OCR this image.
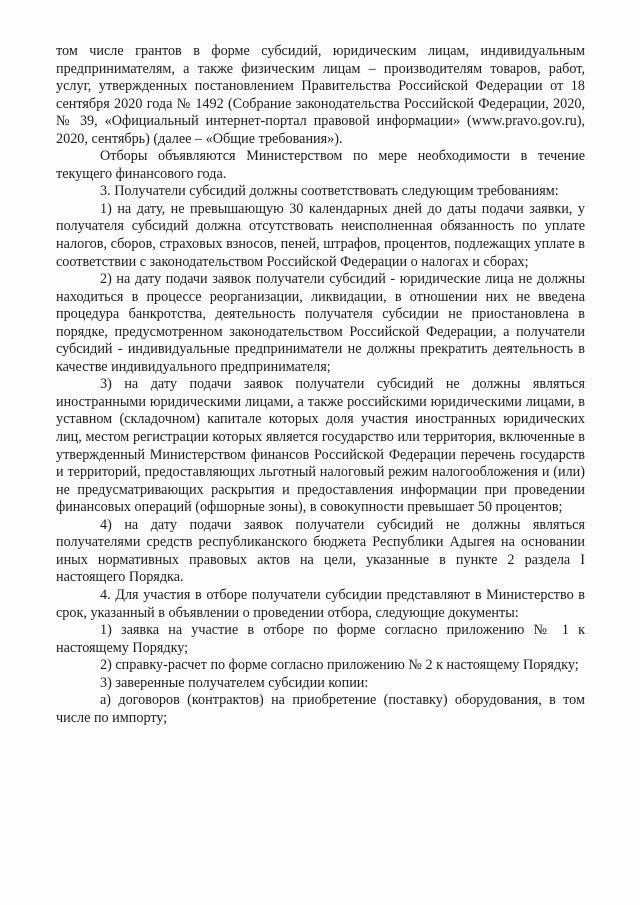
том числе грантов в форме субсидий, юридическим лицам, индивидуальным предпринимателям, а также физическим лицам – производителям товаров, работ, услуг, утвержденных постановлением Правительства Российской Федерации от 18 сентября 2020 года № 1492 (Собрание законодательства Российской Федерации, 2020, № 39, «Официальный интернет-портал правовой информации» (www.pravo.gov.ru), 2020, сентябрь) (далее – «Общие требования»).

Отборы объявляются Министерством по мере необходимости в течение текущего финансового года.

3. Получатели субсидий должны соответствовать следующим требованиям:

1) на дату, не превышающую 30 календарных дней до даты подачи заявки, у получателя субсидий должна отсутствовать неисполненная обязанность по уплате налогов, сборов, страховых взносов, пеней, штрафов, процентов, подлежащих уплате в соответствии с законодательством Российской Федерации о налогах и сборах;

2) на дату подачи заявок получатели субсидий - юридические лица не должны находиться в процессе реорганизации, ликвидации, в отношении них не введена процедура банкротства, деятельность получателя субсидии не приостановлена в порядке, предусмотренном законодательством Российской Федерации, а получатели субсидий - индивидуальные предприниматели не должны прекратить деятельность в качестве индивидуального предпринимателя;

3) на дату подачи заявок получатели субсидий не должны являться иностранными юридическими лицами, а также российскими юридическими лицами, в уставном (складочном) капитале которых доля участия иностранных юридических лиц, местом регистрации которых является государство или территория, включенные в утвержденный Министерством финансов Российской Федерации перечень государств и территорий, предоставляющих льготный налоговый режим налогообложения и (или) не предусматривающих раскрытия и предоставления информации при проведении финансовых операций (офшорные зоны), в совокупности превышает 50 процентов;

4) на дату подачи заявок получатели субсидий не должны являться получателями средств республиканского бюджета Республики Адыгея на основании иных нормативных правовых актов на цели, указанные в пункте 2 раздела I настоящего Порядка.

4. Для участия в отборе получатели субсидии представляют в Министерство в срок, указанный в объявлении о проведении отбора, следующие документы:

1) заявка на участие в отборе по форме согласно приложению № 1 к настоящему Порядку;

2) справку-расчет по форме согласно приложению № 2 к настоящему Порядку;

3) заверенные получателем субсидии копии:

а) договоров (контрактов) на приобретение (поставку) оборудования, в том числе по импорту;
